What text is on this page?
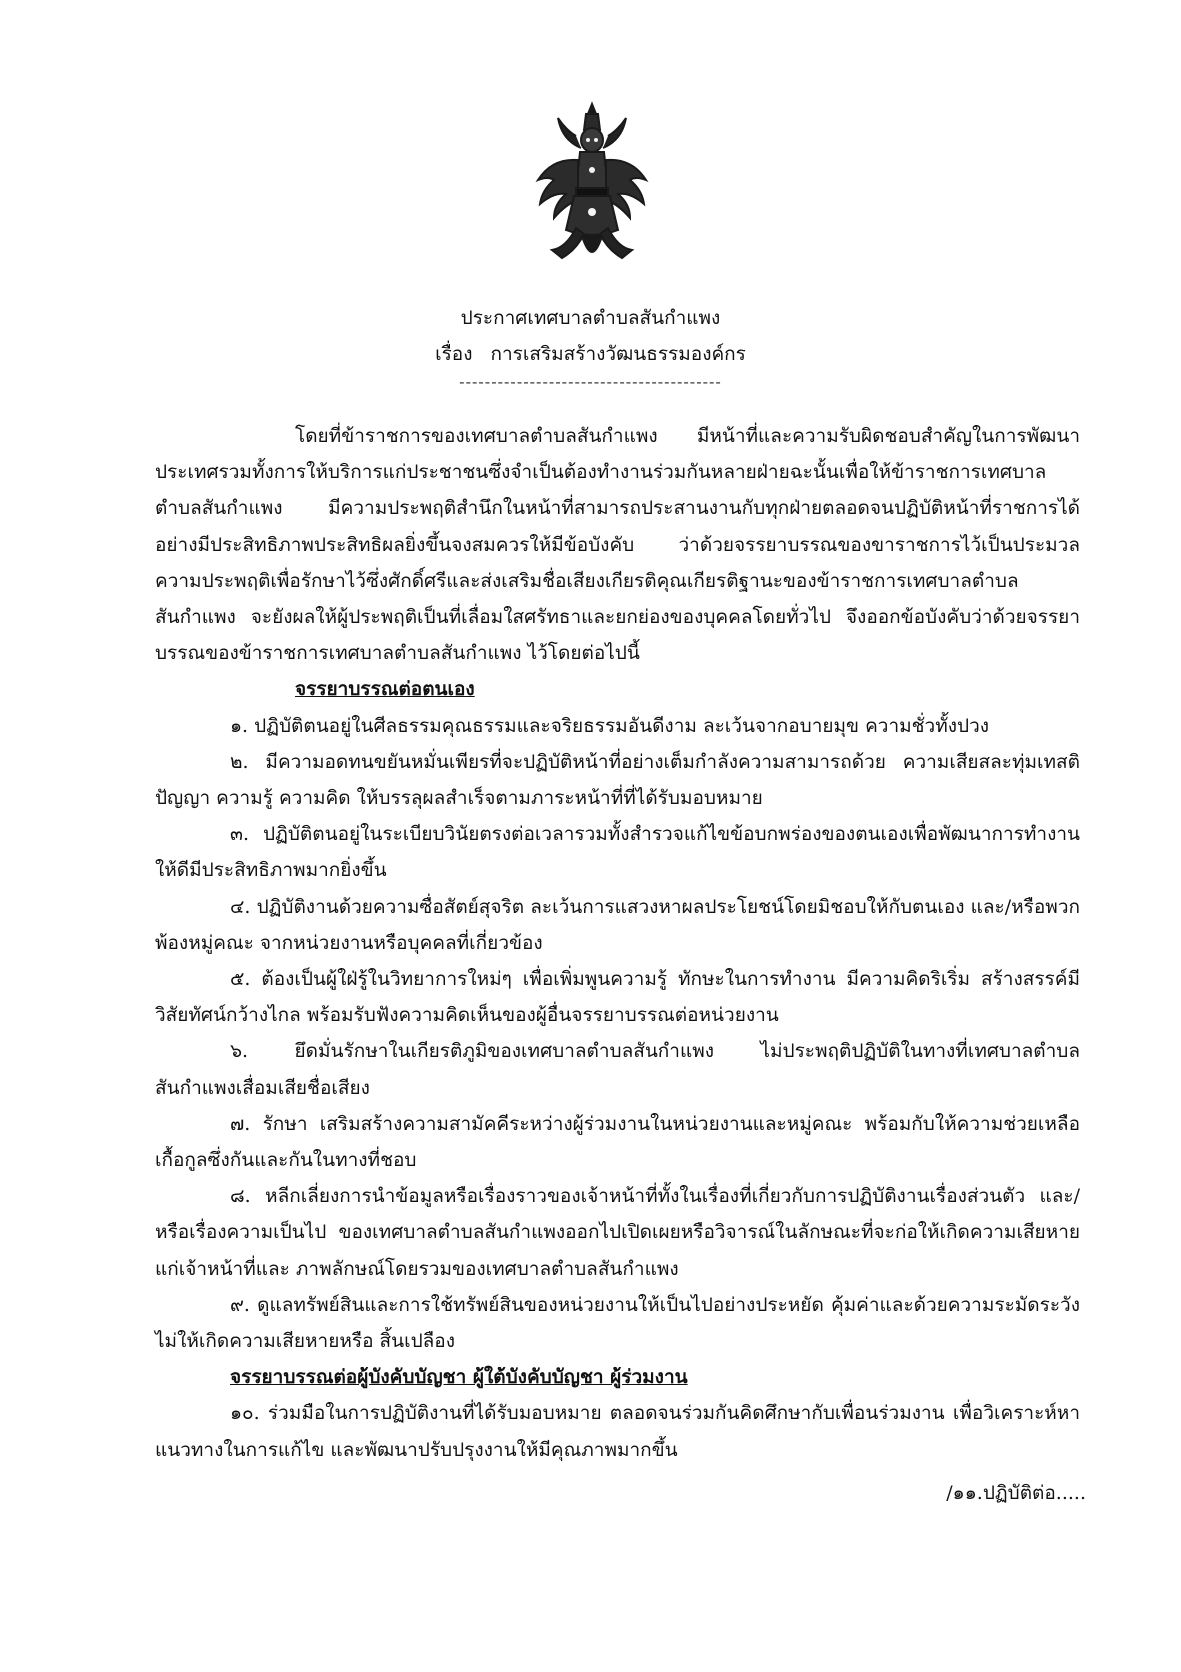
ประกาศเทศบาลตำบลสันกำแพง
เรื่อง การเสริมสร้างวัฒนธรรมองค์กร
-----------------------------------------

โดยที่ข้าราชการของเทศบาลตำบลสันกำแพง มีหน้าที่และความรับผิดชอบสำคัญในการพัฒนาประเทศรวมทั้งการให้บริการแก่ประชาชนซึ่งจำเป็นต้องทำงานร่วมกันหลายฝ่ายฉะนั้นเพื่อให้ข้าราชการเทศบาลตำบลสันกำแพง มีความประพฤติสำนึกในหน้าที่สามารถประสานงานกับทุกฝ่ายตลอดจนปฏิบัติหน้าที่ราชการได้อย่างมีประสิทธิภาพประสิทธิผลยิ่งขึ้นจงสมควรให้มีข้อบังคับ ว่าด้วยจรรยาบรรณของขาราชการไว้เป็นประมวลความประพฤติเพื่อรักษาไว้ซึ่งศักดิ์ศรีและส่งเสริมชื่อเสียงเกียรติคุณเกียรติฐานะของข้าราชการเทศบาลตำบลสันกำแพง จะยังผลให้ผู้ประพฤติเป็นที่เลื่อมใสศรัทธาและยกย่องของบุคคลโดยทั่วไป จึงออกข้อบังคับว่าด้วยจรรยาบรรณของข้าราชการเทศบาลตำบลสันกำแพง ไว้โดยต่อไปนี้

จรรยาบรรณต่อตนเอง

๑. ปฏิบัติตนอยู่ในศีลธรรมคุณธรรมและจริยธรรมอันดีงาม ละเว้นจากอบายมุข ความชั่วทั้งปวง

๒. มีความอดทนขยันหมั่นเพียรที่จะปฏิบัติหน้าที่อย่างเต็มกำลังความสามารถด้วย ความเสียสละทุ่มเทสติปัญญา ความรู้ ความคิด ให้บรรลุผลสำเร็จตามภาระหน้าที่ที่ได้รับมอบหมาย

๓. ปฏิบัติตนอยู่ในระเบียบวินัยตรงต่อเวลารวมทั้งสำรวจแก้ไขข้อบกพร่องของตนเองเพื่อพัฒนาการทำงานให้ดีมีประสิทธิภาพมากยิ่งขึ้น

๔. ปฏิบัติงานด้วยความซื่อสัตย์สุจริต ละเว้นการแสวงหาผลประโยชน์โดยมิชอบให้กับตนเอง และ/หรือพวกพ้องหมู่คณะ จากหน่วยงานหรือบุคคลที่เกี่ยวข้อง

๕. ต้องเป็นผู้ใฝ่รู้ในวิทยาการใหม่ๆ เพื่อเพิ่มพูนความรู้ ทักษะในการทำงาน มีความคิดริเริ่ม สร้างสรรค์มีวิสัยทัศน์กว้างไกล พร้อมรับฟังความคิดเห็นของผู้อื่นจรรยาบรรณต่อหน่วยงาน

๖. ยึดมั่นรักษาในเกียรติภูมิของเทศบาลตำบลสันกำแพง ไม่ประพฤติปฏิบัติในทางที่เทศบาลตำบลสันกำแพงเสื่อมเสียชื่อเสียง

๗. รักษา เสริมสร้างความสามัคคีระหว่างผู้ร่วมงานในหน่วยงานและหมู่คณะ พร้อมกับให้ความช่วยเหลือ เกื้อกูลซึ่งกันและกันในทางที่ชอบ

๘. หลีกเลี่ยงการนำข้อมูลหรือเรื่องราวของเจ้าหน้าที่ทั้งในเรื่องที่เกี่ยวกับการปฏิบัติงานเรื่องส่วนตัว และ/หรือเรื่องความเป็นไป ของเทศบาลตำบลสันกำแพงออกไปเปิดเผยหรือวิจารณ์ในลักษณะที่จะก่อให้เกิดความเสียหายแก่เจ้าหน้าที่และ ภาพลักษณ์โดยรวมของเทศบาลตำบลสันกำแพง

๙. ดูแลทรัพย์สินและการใช้ทรัพย์สินของหน่วยงานให้เป็นไปอย่างประหยัด คุ้มค่าและด้วยความระมัดระวังไม่ให้เกิดความเสียหายหรือ สิ้นเปลือง

จรรยาบรรณต่อผู้บังคับบัญชา ผู้ใต้บังคับบัญชา ผู้ร่วมงาน

๑๐. ร่วมมือในการปฏิบัติงานที่ได้รับมอบหมาย ตลอดจนร่วมกันคิดศึกษากับเพื่อนร่วมงาน เพื่อวิเคราะห์หาแนวทางในการแก้ไข และพัฒนาปรับปรุงงานให้มีคุณภาพมากขึ้น

/๑๑.ปฏิบัติต่อ.....
